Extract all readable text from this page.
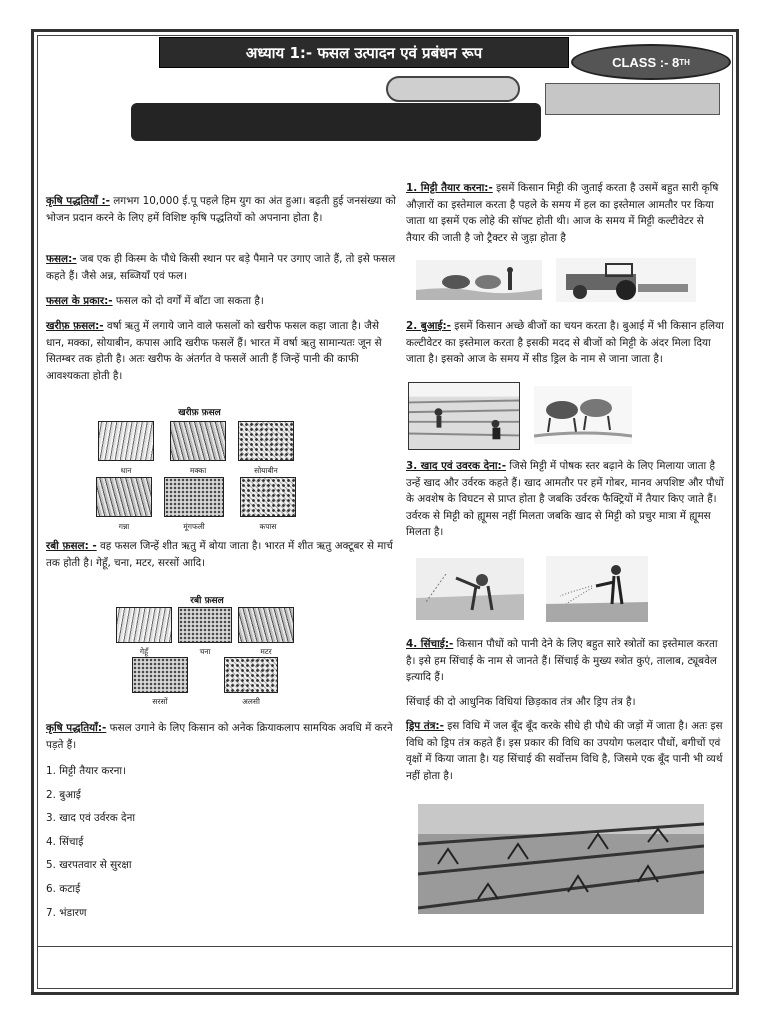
अध्याय 1:- फसल उत्पादन एवं प्रबंधन रूप
CLASS :- 8 TH

कृषि पद्धतियाँ :- लगभग 10,000 ई.पू पहले हिम युग का अंत हुआ। बढ़ती हुई जनसंख्या को भोजन प्रदान करने के लिए हमें विशिष्ट कृषि पद्धतियों को अपनाना होता है।

फसल:- जब एक ही किस्म के पौधे किसी स्थान पर बड़े पैमाने पर उगाए जाते हैं, तो इसे फसल कहते हैं। जैसे अन्न, सब्जियाँ एवं फल।

फसल के प्रकार:- फसल को दो वर्गों में बाँटा जा सकता है।

खरीफ़ फ़सल:- वर्षा ऋतु में लगाये जाने वाले फसलों को खरीफ फसल कहा जाता है। जैसे धान, मक्का, सोयाबीन, कपास आदि खरीफ फसलें हैं। भारत में वर्षा ऋतु सामान्यतः जून से सितम्बर तक होती है। अतः खरीफ के अंतर्गत वे फसलें आती हैं जिन्हें पानी की काफी आवश्यकता होती है।

खरीफ़ फ़सल
धान	मक्का	सोयाबीन
गन्ना	मूंगफली	कपास

रबी फ़सल: - वह फसल जिन्हें शीत ऋतु में बोया जाता है। भारत में शीत ऋतु अक्टूबर से मार्च तक होती है। गेहूँ, चना, मटर, सरसों आदि।

रबी फ़सल
गेहूँ	चना	मटर
सरसों	अलसी

कृषि पद्धतियाँ:- फसल उगाने के लिए किसान को अनेक क्रियाकलाप सामयिक अवधि में करने पड़ते हैं।

1. मिट्टी तैयार करना।
2. बुआई
3. खाद एवं उर्वरक देना
4. सिंचाई
5. खरपतवार से सुरक्षा
6. कटाई
7. भंडारण

1. मिट्टी तैयार करना:- इसमें किसान मिट्टी की जुताई करता है उसमें बहुत सारी कृषि औज़ारों का इस्तेमाल करता है पहले के समय में हल का इस्तेमाल आमतौर पर किया जाता था इसमें एक लोहे की सॉफ्ट होती थी। आज के समय में मिट्टी कल्टीवेटर से तैयार की जाती है जो ट्रैक्टर से जुड़ा होता है

2. बुआई:- इसमें किसान अच्छे बीजों का चयन करता है। बुआई में भी किसान हलिया कल्टीवेटर का इस्तेमाल करता है इसकी मदद से बीजों को मिट्टी के अंदर मिला दिया जाता है। इसको आज के समय में सीड ड्रिल के नाम से जाना जाता है।

3. खाद एवं उवरक देना:- जिसे मिट्टी में पोषक स्तर बढ़ाने के लिए मिलाया जाता है उन्हें खाद और उर्वरक कहते हैं। खाद आमतौर पर हमें गोबर, मानव अपशिष्ट और पौधों के अवशेष के विघटन से प्राप्त होता है जबकि उर्वरक फैक्ट्रियों में तैयार किए जाते हैं। उर्वरक से मिट्टी को ह्यूमस नहीं मिलता जबकि खाद से मिट्टी को प्रचुर मात्रा में ह्यूमस मिलता है।

4. सिंचाई:- किसान पौधों को पानी देने के लिए बहुत सारे स्त्रोतों का इस्तेमाल करता है। इसे हम सिंचाई के नाम से जानते हैं। सिंचाई के मुख्य स्त्रोत कुएं, तालाब, ट्यूबवेल इत्यादि हैं।

सिंचाई की दो आधुनिक विधियां छिड़काव तंत्र और ड्रिप तंत्र है।

ड्रिप तंत्र:- इस विधि में जल बूँद बूँद करके सीधे ही पौधे की जड़ों में जाता है। अतः इस विधि को ड्रिप तंत्र कहते हैं। इस प्रकार की विधि का उपयोग फलदार पौधों, बगीचों एवं वृक्षों में किया जाता है। यह सिंचाई की सर्वोत्तम विधि है, जिसमे एक बूँद पानी भी व्यर्थ नहीं होता है।
